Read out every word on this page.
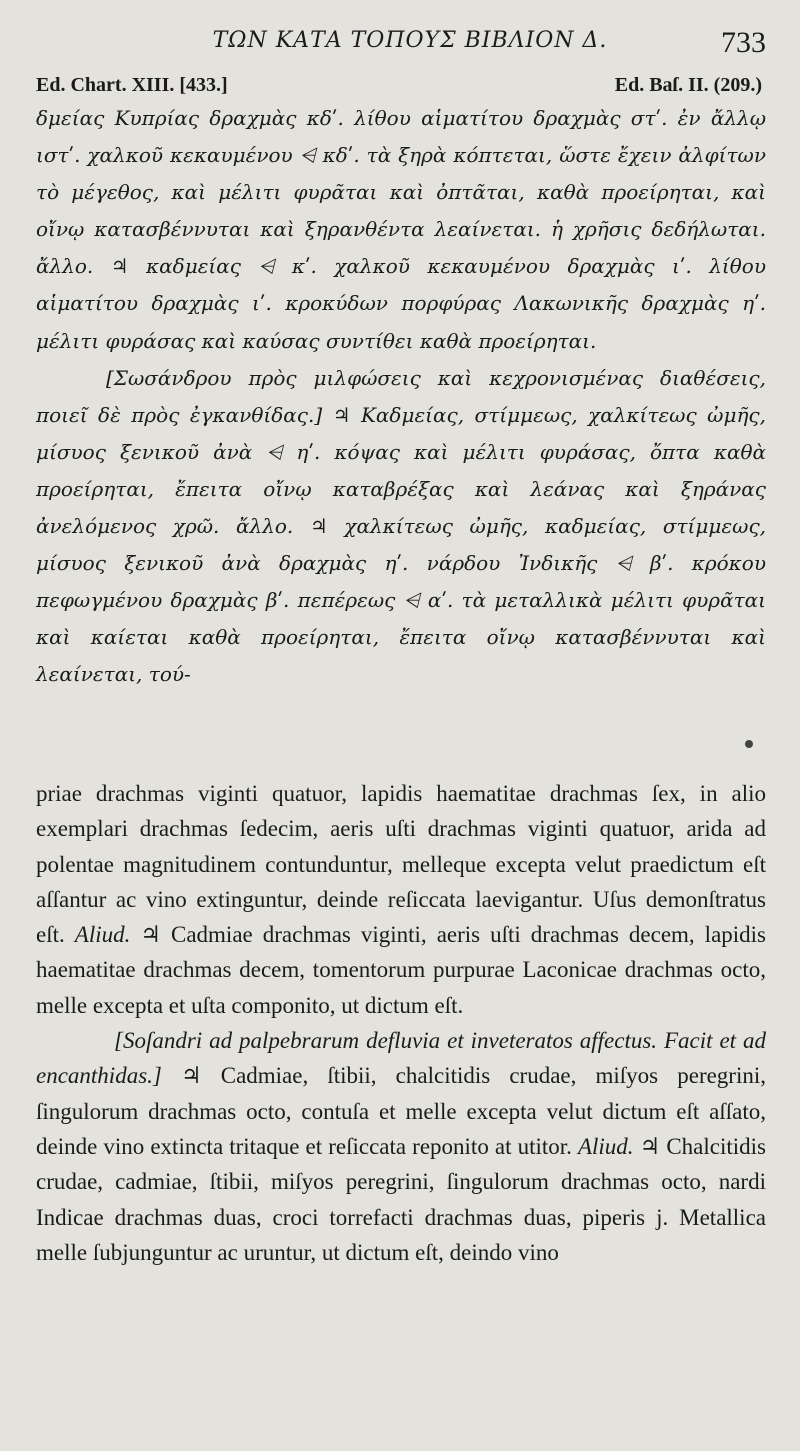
ΤΩΝ ΚΑΤΑ ΤΟΠΟΥΣ ΒΙΒΛΙΟΝ Δ.	733
Ed. Chart. XIII. [433.]	Ed. Baſ. II. (209.)

δμείας Κυπρίας δραχμὰς κδʹ. λίθου αἱματίτου δραχμὰς στʹ. ἐν ἄλλῳ ιστʹ. χαλκοῦ κεκαυμένου ⩤ κδʹ. τὰ ξηρὰ κόπτεται, ὥστε ἔχειν ἀλφίτων τὸ μέγεθος, καὶ μέλιτι φυρᾶται καὶ ὀπτᾶται, καθὰ προείρηται, καὶ οἴνῳ κατασβέννυται καὶ ξηρανθέντα λεαίνεται. ἡ χρῆσις δεδήλωται. ἄλλο. ♃ καδμείας ⩤ κʹ. χαλκοῦ κεκαυμένου δραχμὰς ιʹ. λίθου αἱματίτου δραχμὰς ιʹ. κροκύδων πορφύρας Λακωνικῆς δραχμὰς ηʹ. μέλιτι φυράσας καὶ καύσας συντίθει καθὰ προείρηται.

[Σωσάνδρου πρὸς μιλφώσεις καὶ κεχρονισμένας διαθέσεις, ποιεῖ δὲ πρὸς ἐγκανθίδας.] ♃ Καδμείας, στίμμεως, χαλκίτεως ὠμῆς, μίσυος ξενικοῦ ἀνὰ ⩤ ηʹ. κόψας καὶ μέλιτι φυράσας, ὄπτα καθὰ προείρηται, ἔπειτα οἴνῳ καταβρέξας καὶ λεάνας καὶ ξηράνας ἀνελόμενος χρῶ. ἄλλο. ♃ χαλκίτεως ὠμῆς, καδμείας, στίμμεως, μίσυος ξενικοῦ ἀνὰ δραχμὰς ηʹ. νάρδου Ἰνδικῆς ⩤ βʹ. κρόκου πεφωγμένου δραχμὰς βʹ. πεπέρεως ⩤ αʹ. τὰ μεταλλικὰ μέλιτι φυρᾶται καὶ καίεται καθὰ προείρηται, ἔπειτα οἴνῳ κατασβέννυται καὶ λεαίνεται, τού-

priae drachmas viginti quatuor, lapidis haematitae drachmas ſex, in alio exemplari drachmas ſedecim, aeris uſti drachmas viginti quatuor, arida ad polentae magnitudinem contunduntur, melleque excepta velut praedictum eſt aſſantur ac vino extinguntur, deinde reſiccata laevigantur. Uſus demonſtratus eſt. Aliud. ♃ Cadmiae drachmas viginti, aeris uſti drachmas decem, lapidis haematitae drachmas decem, tomentorum purpurae Laconicae drachmas octo, melle excepta et uſta componito, ut dictum eſt.

[Soſandri ad palpebrarum defluvia et inveteratos affectus. Facit et ad encanthidas.] ♃ Cadmiae, ſtibii, chalcitidis crudae, miſyos peregrini, ſingulorum drachmas octo, contuſa et melle excepta velut dictum eſt aſſato, deinde vino extincta tritaque et reſiccata reponito at utitor. Aliud. ♃ Chalcitidis crudae, cadmiae, ſtibii, miſyos peregrini, ſingulorum drachmas octo, nardi Indicae drachmas duas, croci torrefacti drachmas duas, piperis j. Metallica melle ſubjunguntur ac uruntur, ut dictum eſt, deindo vino
